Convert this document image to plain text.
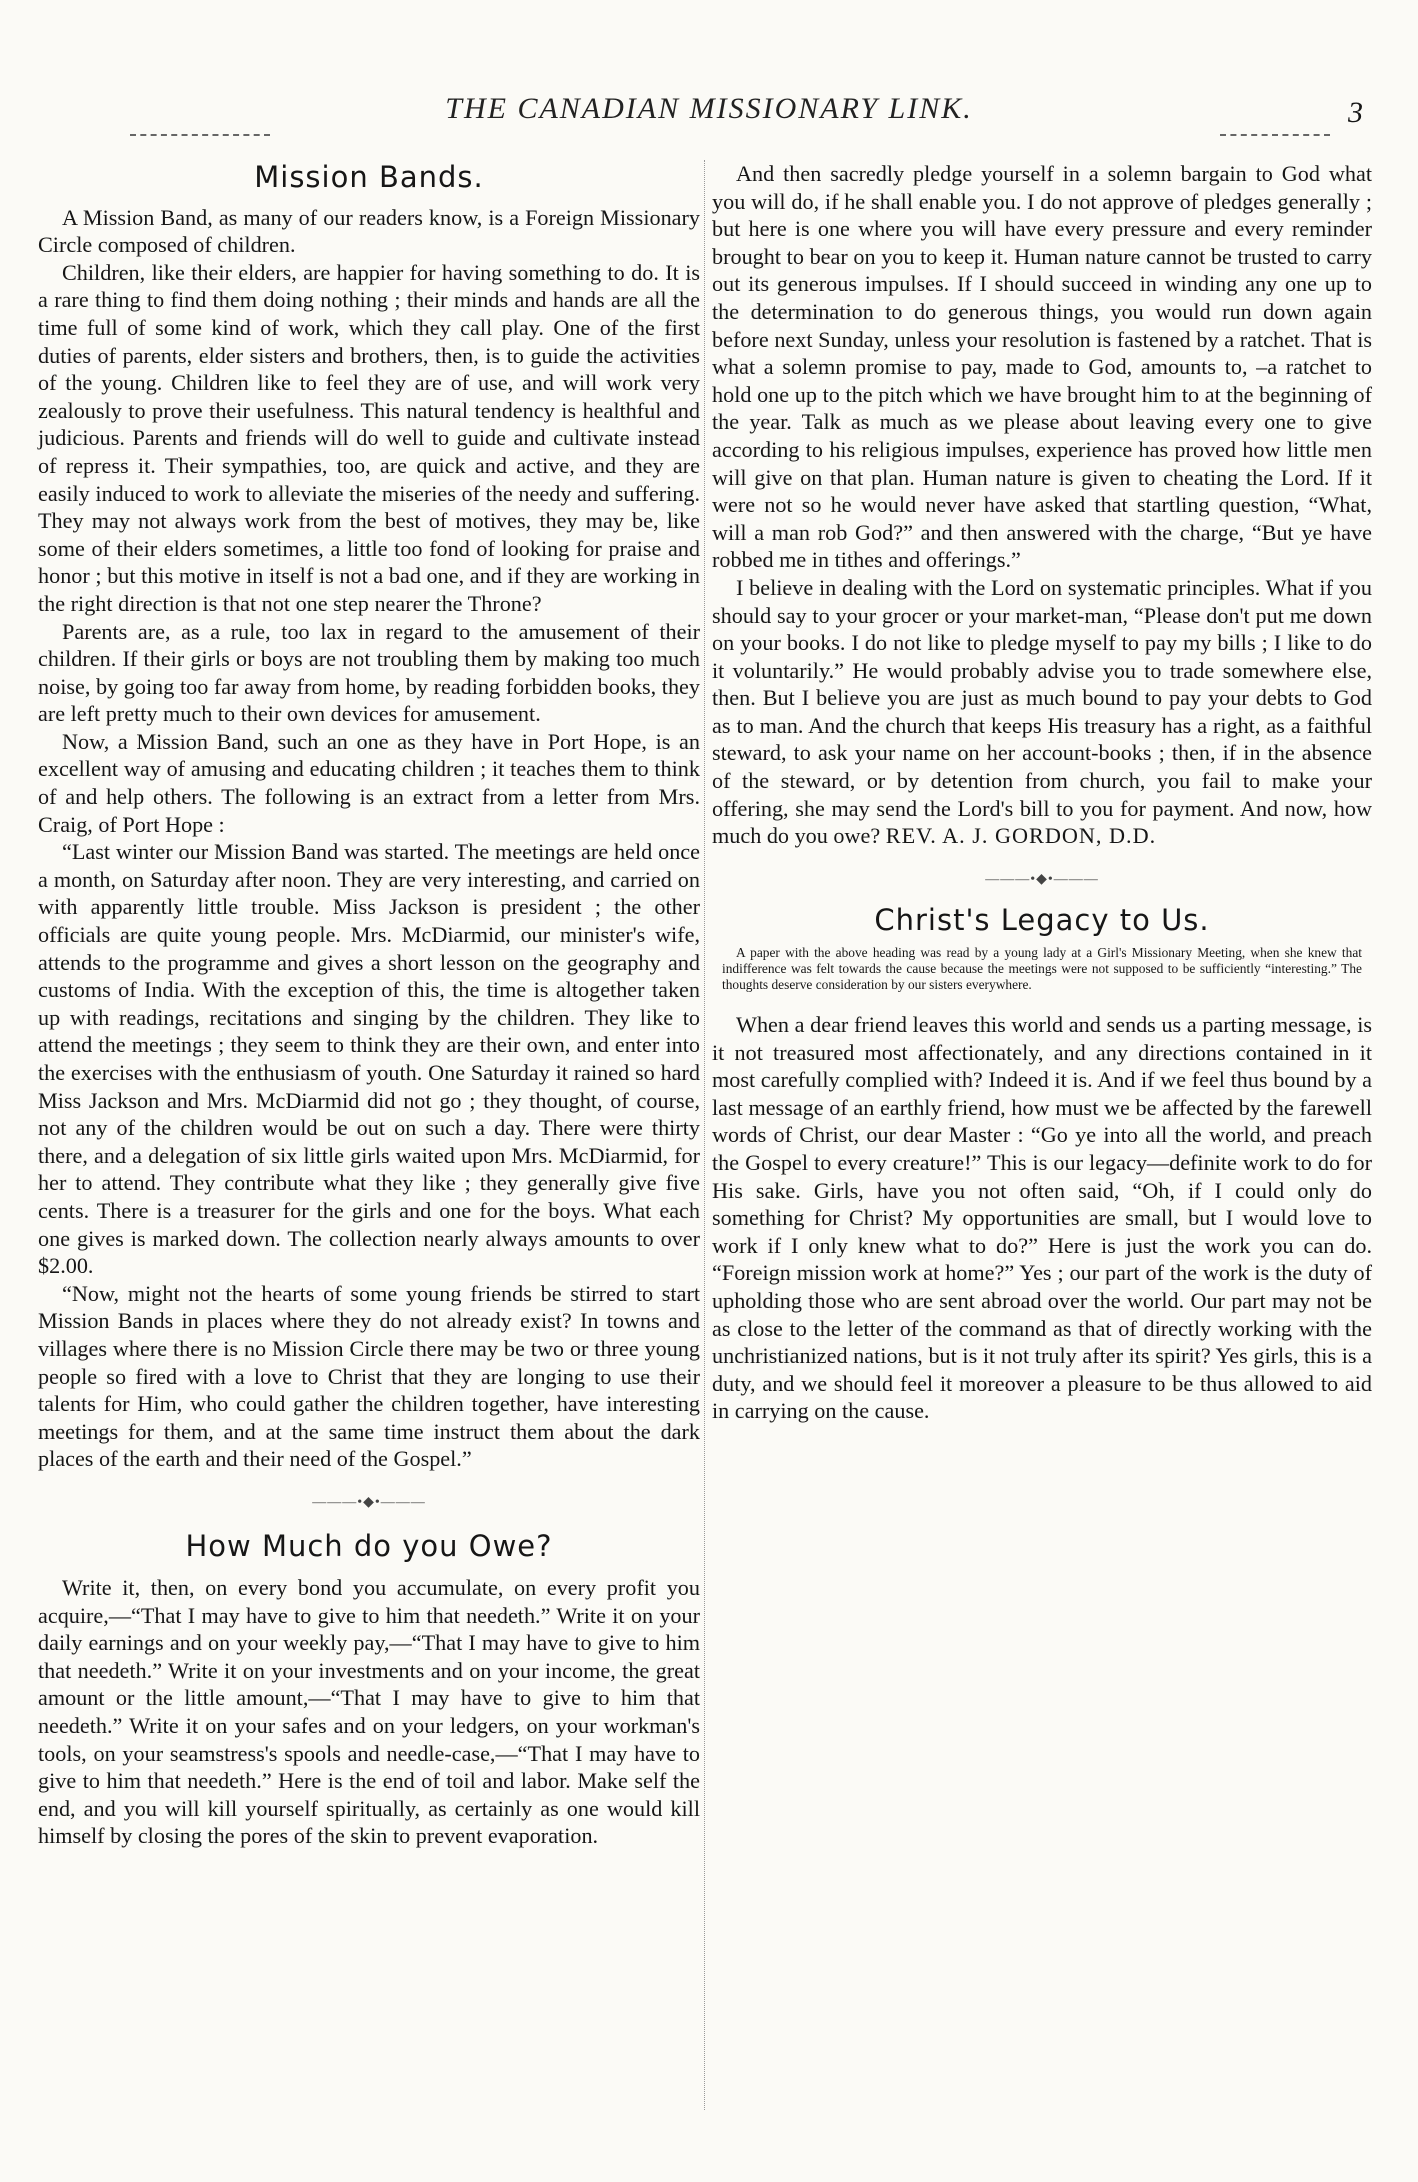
THE CANADIAN MISSIONARY LINK.	3
Mission Bands.

A Mission Band, as many of our readers know, is a Foreign Missionary Circle composed of children.

Children, like their elders, are happier for having something to do. It is a rare thing to find them doing nothing ; their minds and hands are all the time full of some kind of work, which they call play. One of the first duties of parents, elder sisters and brothers, then, is to guide the activities of the young. Children like to feel they are of use, and will work very zealously to prove their usefulness. This natural tendency is healthful and judicious. Parents and friends will do well to guide and cultivate instead of repress it. Their sympathies, too, are quick and active, and they are easily induced to work to alleviate the miseries of the needy and suffering. They may not always work from the best of motives, they may be, like some of their elders sometimes, a little too fond of looking for praise and honor ; but this motive in itself is not a bad one, and if they are working in the right direction is that not one step nearer the Throne?

Parents are, as a rule, too lax in regard to the amusement of their children. If their girls or boys are not troubling them by making too much noise, by going too far away from home, by reading forbidden books, they are left pretty much to their own devices for amusement.

Now, a Mission Band, such an one as they have in Port Hope, is an excellent way of amusing and educating children ; it teaches them to think of and help others. The following is an extract from a letter from Mrs. Craig, of Port Hope :

“Last winter our Mission Band was started. The meetings are held once a month, on Saturday after noon. They are very interesting, and carried on with apparently little trouble. Miss Jackson is president ; the other officials are quite young people. Mrs. McDiarmid, our minister's wife, attends to the programme and gives a short lesson on the geography and customs of India. With the exception of this, the time is altogether taken up with readings, recitations and singing by the children. They like to attend the meetings ; they seem to think they are their own, and enter into the exercises with the enthusiasm of youth. One Saturday it rained so hard Miss Jackson and Mrs. McDiarmid did not go ; they thought, of course, not any of the children would be out on such a day. There were thirty there, and a delegation of six little girls waited upon Mrs. McDiarmid, for her to attend. They contribute what they like ; they generally give five cents. There is a treasurer for the girls and one for the boys. What each one gives is marked down. The collection nearly always amounts to over $2.00.

“Now, might not the hearts of some young friends be stirred to start Mission Bands in places where they do not already exist? In towns and villages where there is no Mission Circle there may be two or three young people so fired with a love to Christ that they are longing to use their talents for Him, who could gather the children together, have interesting meetings for them, and at the same time instruct them about the dark places of the earth and their need of the Gospel.”

———•◆•———
How Much do you Owe?

Write it, then, on every bond you accumulate, on every profit you acquire,—“That I may have to give to him that needeth.” Write it on your daily earnings and on your weekly pay,—“That I may have to give to him that needeth.” Write it on your investments and on your income, the great amount or the little amount,—“That I may have to give to him that needeth.” Write it on your safes and on your ledgers, on your workman's tools, on your seamstress's spools and needle-case,—“That I may have to give to him that needeth.” Here is the end of toil and labor. Make self the end, and you will kill yourself spiritually, as certainly as one would kill himself by closing the pores of the skin to prevent evaporation.

And then sacredly pledge yourself in a solemn bargain to God what you will do, if he shall enable you. I do not approve of pledges generally ; but here is one where you will have every pressure and every reminder brought to bear on you to keep it. Human nature cannot be trusted to carry out its generous impulses. If I should succeed in winding any one up to the determination to do generous things, you would run down again before next Sunday, unless your resolution is fastened by a ratchet. That is what a solemn promise to pay, made to God, amounts to, –a ratchet to hold one up to the pitch which we have brought him to at the beginning of the year. Talk as much as we please about leaving every one to give according to his religious impulses, experience has proved how little men will give on that plan. Human nature is given to cheating the Lord. If it were not so he would never have asked that startling question, “What, will a man rob God?” and then answered with the charge, “But ye have robbed me in tithes and offerings.”

I believe in dealing with the Lord on systematic principles. What if you should say to your grocer or your market-man, “Please don't put me down on your books. I do not like to pledge myself to pay my bills ; I like to do it voluntarily.” He would probably advise you to trade somewhere else, then. But I believe you are just as much bound to pay your debts to God as to man. And the church that keeps His treasury has a right, as a faithful steward, to ask your name on her account-books ; then, if in the absence of the steward, or by detention from church, you fail to make your offering, she may send the Lord's bill to you for payment. And now, how much do you owe? REV. A. J. GORDON, D.D.

———•◆•———
Christ's Legacy to Us.

A paper with the above heading was read by a young lady at a Girl's Missionary Meeting, when she knew that indifference was felt towards the cause because the meetings were not supposed to be sufficiently “interesting.” The thoughts deserve consideration by our sisters everywhere.

When a dear friend leaves this world and sends us a parting message, is it not treasured most affectionately, and any directions contained in it most carefully complied with? Indeed it is. And if we feel thus bound by a last message of an earthly friend, how must we be affected by the farewell words of Christ, our dear Master : “Go ye into all the world, and preach the Gospel to every creature!” This is our legacy—definite work to do for His sake. Girls, have you not often said, “Oh, if I could only do something for Christ? My opportunities are small, but I would love to work if I only knew what to do?” Here is just the work you can do. “Foreign mission work at home?” Yes ; our part of the work is the duty of upholding those who are sent abroad over the world. Our part may not be as close to the letter of the command as that of directly working with the unchristianized nations, but is it not truly after its spirit? Yes girls, this is a duty, and we should feel it moreover a pleasure to be thus allowed to aid in carrying on the cause.
